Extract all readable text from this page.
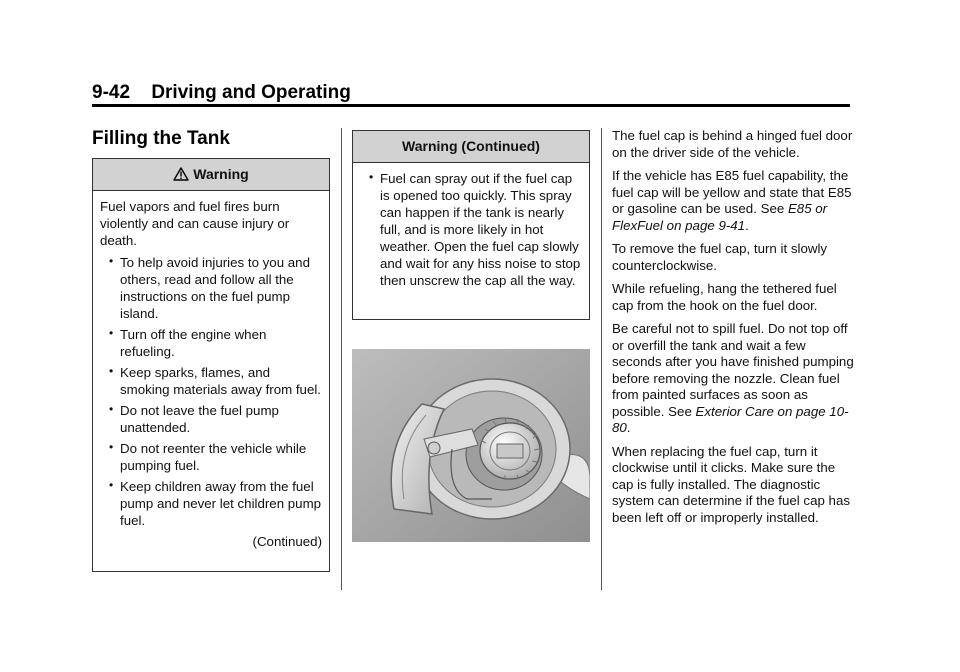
9-42 Driving and Operating
Filling the Tank
Warning

Fuel vapors and fuel fires burn violently and can cause injury or death.

• To help avoid injuries to you and others, read and follow all the instructions on the fuel pump island.
• Turn off the engine when refueling.
• Keep sparks, flames, and smoking materials away from fuel.
• Do not leave the fuel pump unattended.
• Do not reenter the vehicle while pumping fuel.
• Keep children away from the fuel pump and never let children pump fuel.
(Continued)
Warning (Continued)
• Fuel can spray out if the fuel cap is opened too quickly. This spray can happen if the tank is nearly full, and is more likely in hot weather. Open the fuel cap slowly and wait for any hiss noise to stop then unscrew the cap all the way.

The fuel cap is behind a hinged fuel door on the driver side of the vehicle.

If the vehicle has E85 fuel capability, the fuel cap will be yellow and state that E85 or gasoline can be used. See E85 or FlexFuel on page 9-41.

To remove the fuel cap, turn it slowly counterclockwise.

While refueling, hang the tethered fuel cap from the hook on the fuel door.

Be careful not to spill fuel. Do not top off or overfill the tank and wait a few seconds after you have finished pumping before removing the nozzle. Clean fuel from painted surfaces as soon as possible. See Exterior Care on page 10-80.

When replacing the fuel cap, turn it clockwise until it clicks. Make sure the cap is fully installed. The diagnostic system can determine if the fuel cap has been left off or improperly installed.
